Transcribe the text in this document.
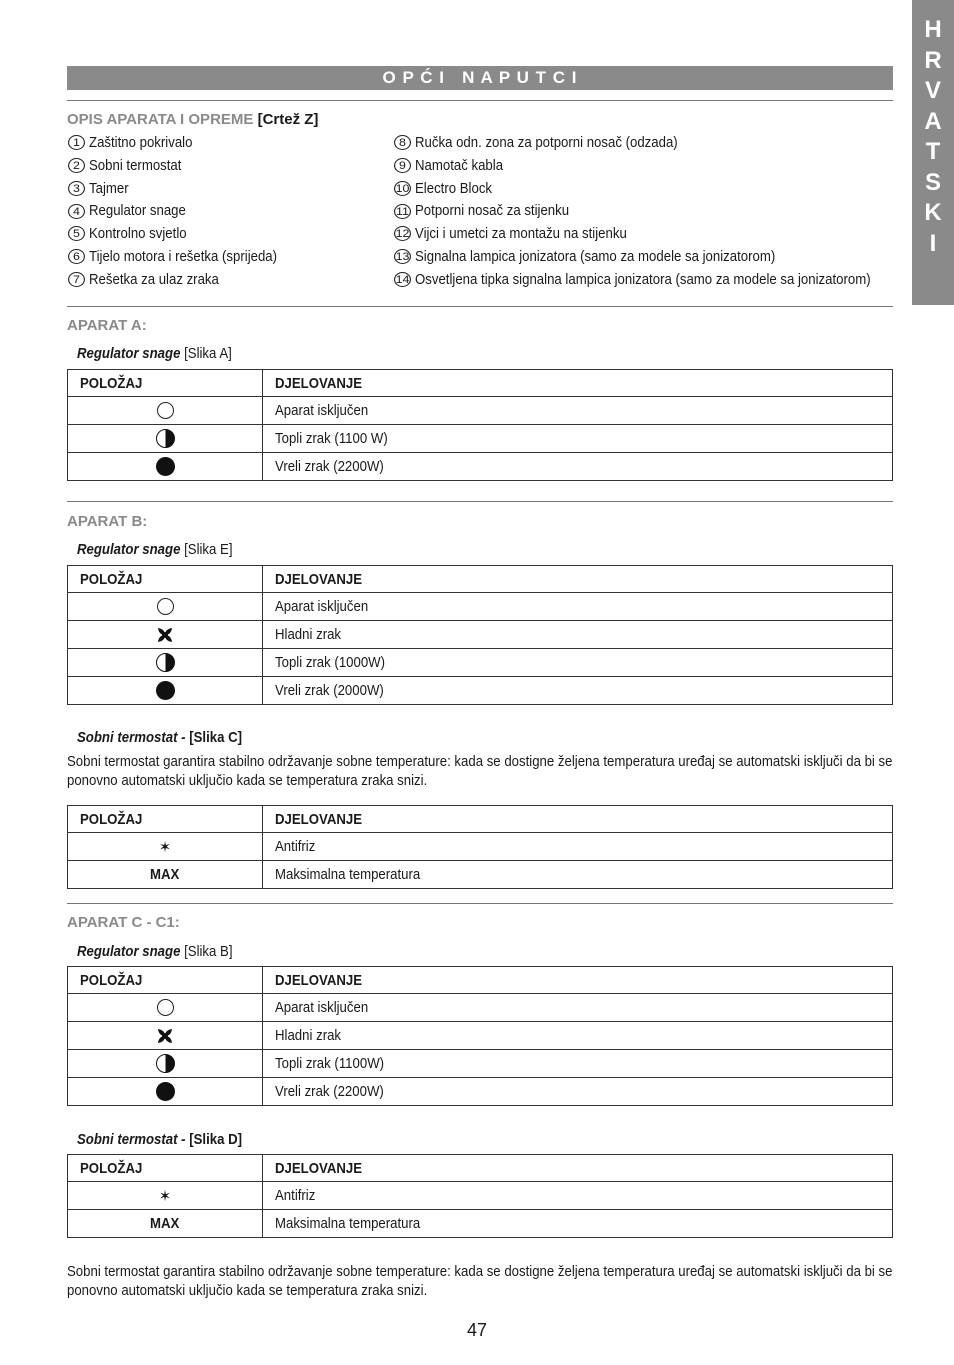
H
R
V
A
T
S
K
I
O P Ć I   N A P U T C I
OPIS APARATA I OPREME [Crtež Z]
1 Zaštitno pokrivalo
2 Sobni termostat
3 Tajmer
4 Regulator snage
5 Kontrolno svjetlo
6 Tijelo motora i rešetka (sprijeda)
7 Rešetka za ulaz zraka
8 Ručka odn. zona za potporni nosač (odzada)
9 Namotač kabla
10 Electro Block
11 Potporni nosač za stijenku
12 Vijci i umetci za montažu na stijenku
13 Signalna lampica jonizatora (samo za modele sa jonizatorom)
14 Osvetljena tipka signalna lampica jonizatora (samo za modele sa jonizatorom)
APARAT A:
Regulator snage [Slika A]
POLOŽAJ	DJELOVANJE
	Aparat isključen
	Topli zrak (1100 W)
	Vreli zrak (2200W)
APARAT B:
Regulator snage [Slika E]
POLOŽAJ	DJELOVANJE
	Aparat isključen
	Hladni zrak
	Topli zrak (1000W)
	Vreli zrak (2000W)
Sobni termostat - [Slika C]
Sobni termostat garantira stabilno održavanje sobne temperature: kada se dostigne željena temperatura uređaj se automatski isključi da bi se ponovno automatski uključio kada se temperatura zraka snizi.
POLOŽAJ	DJELOVANJE
✶	Antifriz
MAX	Maksimalna temperatura
APARAT C - C1:
Regulator snage [Slika B]
POLOŽAJ	DJELOVANJE
	Aparat isključen
	Hladni zrak
	Topli zrak (1100W)
	Vreli zrak (2200W)
Sobni termostat - [Slika D]
POLOŽAJ	DJELOVANJE
✶	Antifriz
MAX	Maksimalna temperatura
Sobni termostat garantira stabilno održavanje sobne temperature: kada se dostigne željena temperatura uređaj se automatski isključi da bi se ponovno automatski uključio kada se temperatura zraka snizi.
47
